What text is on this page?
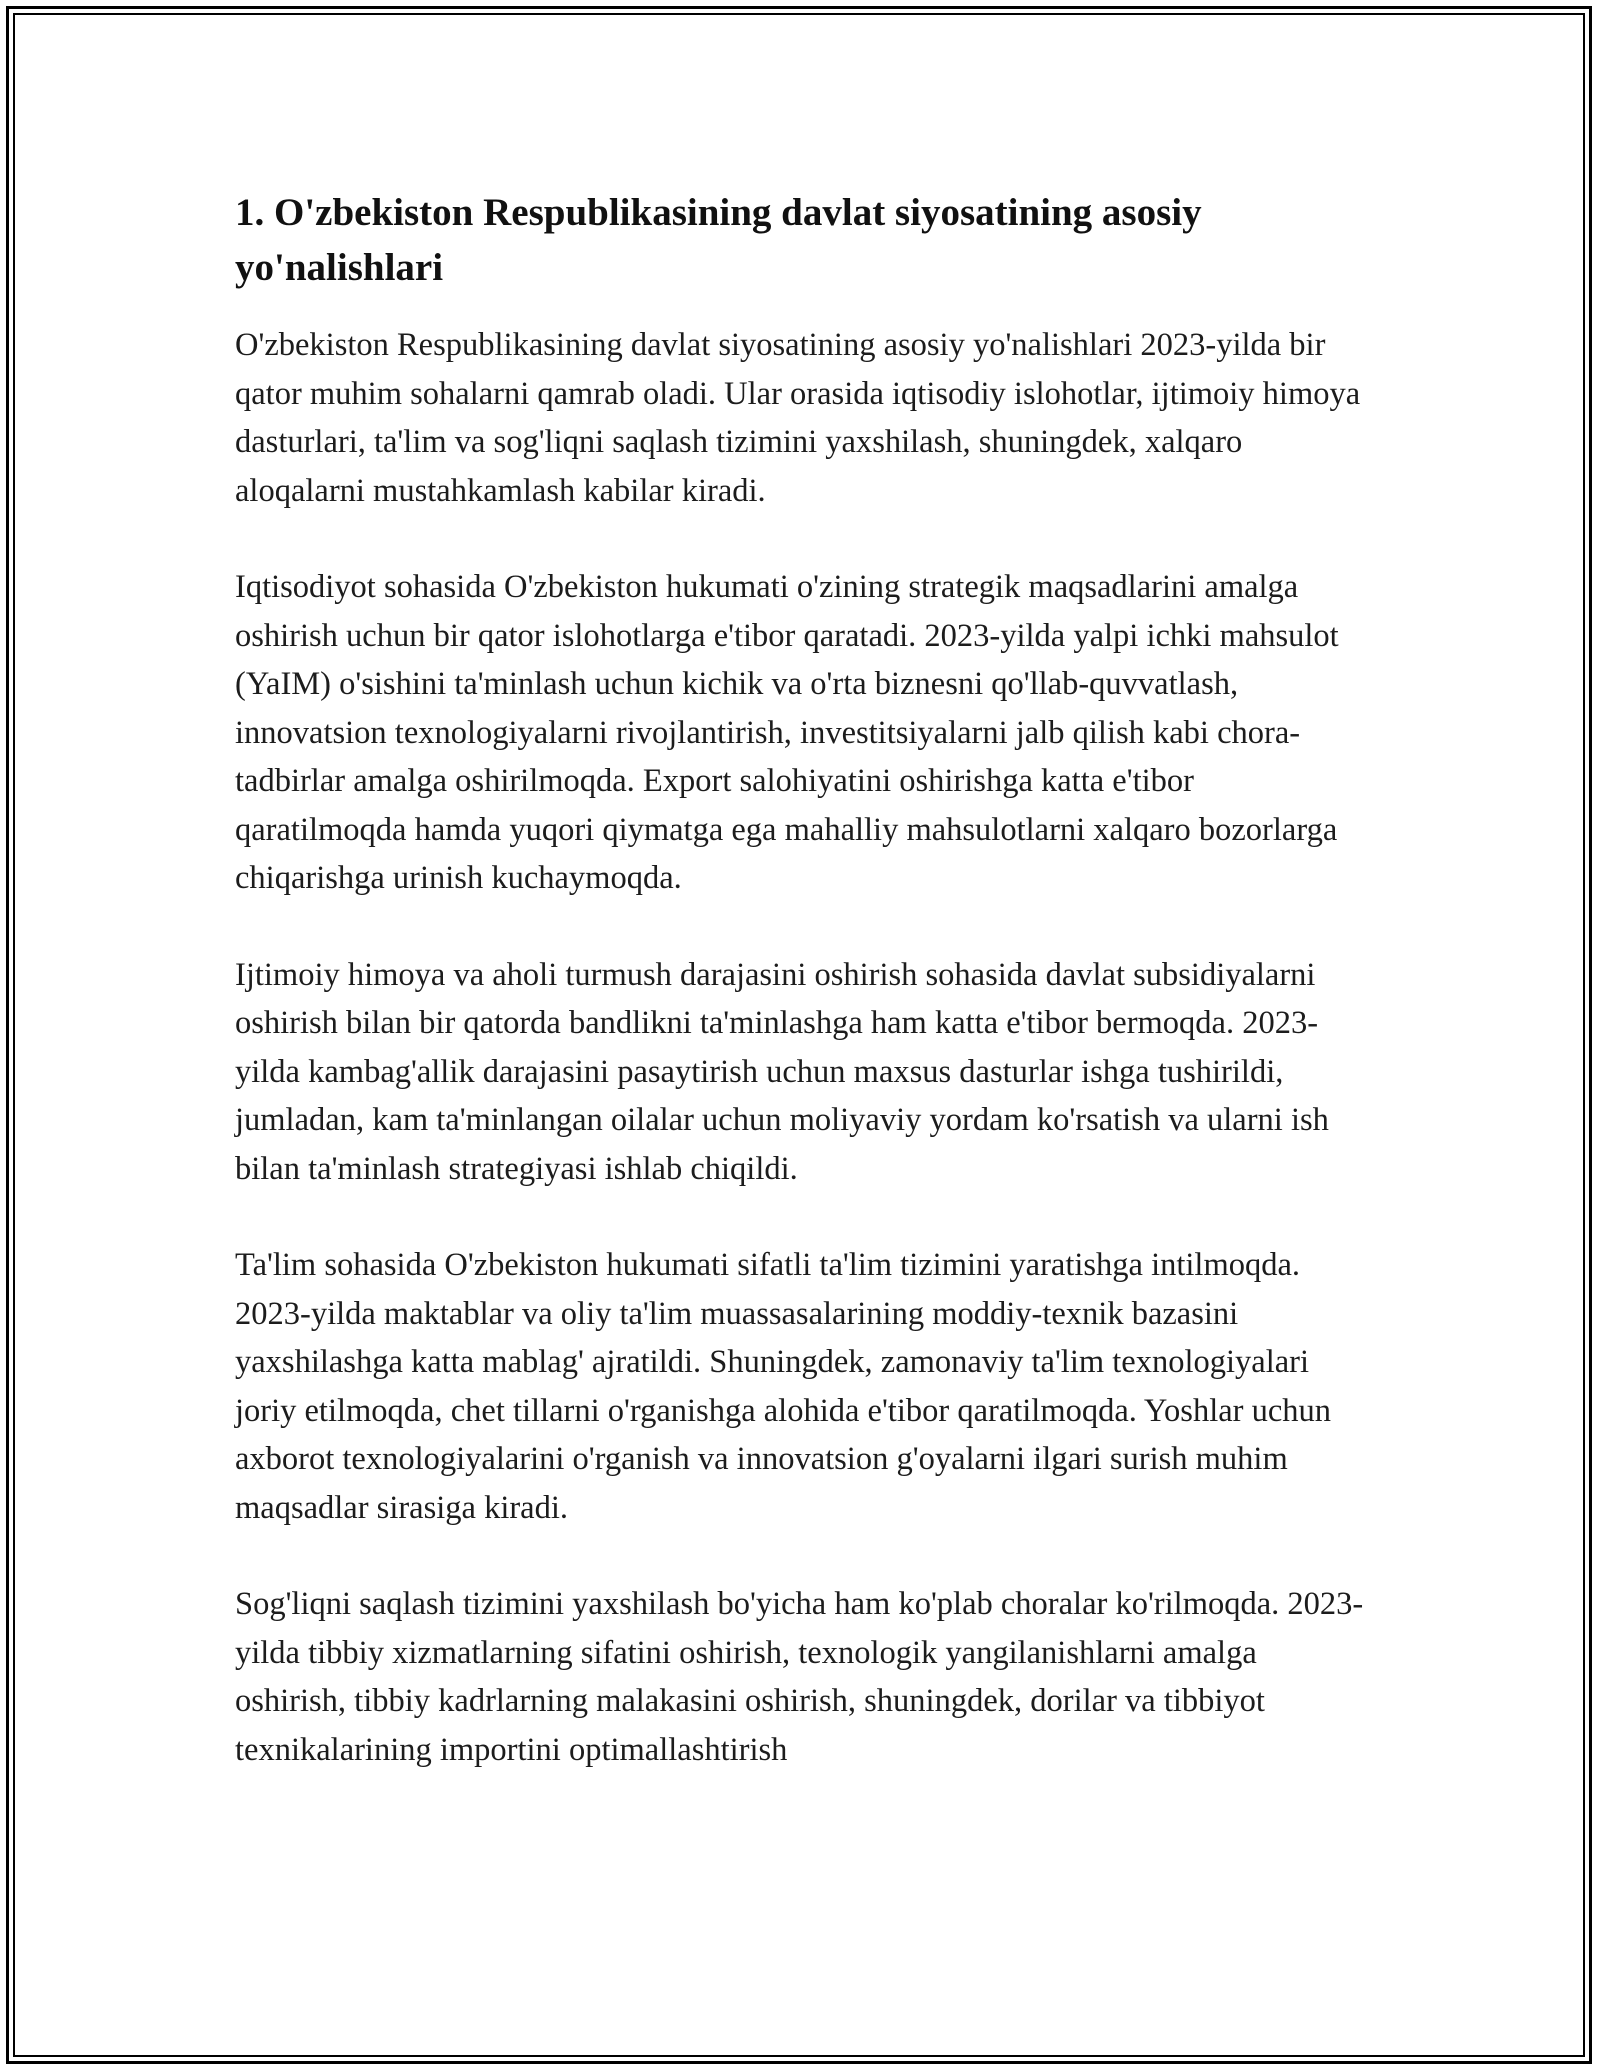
1. O'zbekiston Respublikasining davlat siyosatining asosiy yo'nalishlari

O'zbekiston Respublikasining davlat siyosatining asosiy yo'nalishlari 2023-yilda bir qator muhim sohalarni qamrab oladi. Ular orasida iqtisodiy islohotlar, ijtimoiy himoya dasturlari, ta'lim va sog'liqni saqlash tizimini yaxshilash, shuningdek, xalqaro aloqalarni mustahkamlash kabilar kiradi.

Iqtisodiyot sohasida O'zbekiston hukumati o'zining strategik maqsadlarini amalga oshirish uchun bir qator islohotlarga e'tibor qaratadi. 2023-yilda yalpi ichki mahsulot (YaIM) o'sishini ta'minlash uchun kichik va o'rta biznesni qo'llab-quvvatlash, innovatsion texnologiyalarni rivojlantirish, investitsiyalarni jalb qilish kabi chora-tadbirlar amalga oshirilmoqda. Export salohiyatini oshirishga katta e'tibor qaratilmoqda hamda yuqori qiymatga ega mahalliy mahsulotlarni xalqaro bozorlarga chiqarishga urinish kuchaymoqda.

Ijtimoiy himoya va aholi turmush darajasini oshirish sohasida davlat subsidiyalarni oshirish bilan bir qatorda bandlikni ta'minlashga ham katta e'tibor bermoqda. 2023-yilda kambag'allik darajasini pasaytirish uchun maxsus dasturlar ishga tushirildi, jumladan, kam ta'minlangan oilalar uchun moliyaviy yordam ko'rsatish va ularni ish bilan ta'minlash strategiyasi ishlab chiqildi.

Ta'lim sohasida O'zbekiston hukumati sifatli ta'lim tizimini yaratishga intilmoqda. 2023-yilda maktablar va oliy ta'lim muassasalarining moddiy-texnik bazasini yaxshilashga katta mablag' ajratildi. Shuningdek, zamonaviy ta'lim texnologiyalari joriy etilmoqda, chet tillarni o'rganishga alohida e'tibor qaratilmoqda. Yoshlar uchun axborot texnologiyalarini o'rganish va innovatsion g'oyalarni ilgari surish muhim maqsadlar sirasiga kiradi.

Sog'liqni saqlash tizimini yaxshilash bo'yicha ham ko'plab choralar ko'rilmoqda. 2023-yilda tibbiy xizmatlarning sifatini oshirish, texnologik yangilanishlarni amalga oshirish, tibbiy kadrlarning malakasini oshirish, shuningdek, dorilar va tibbiyot texnikalarining importini optimallashtirish
